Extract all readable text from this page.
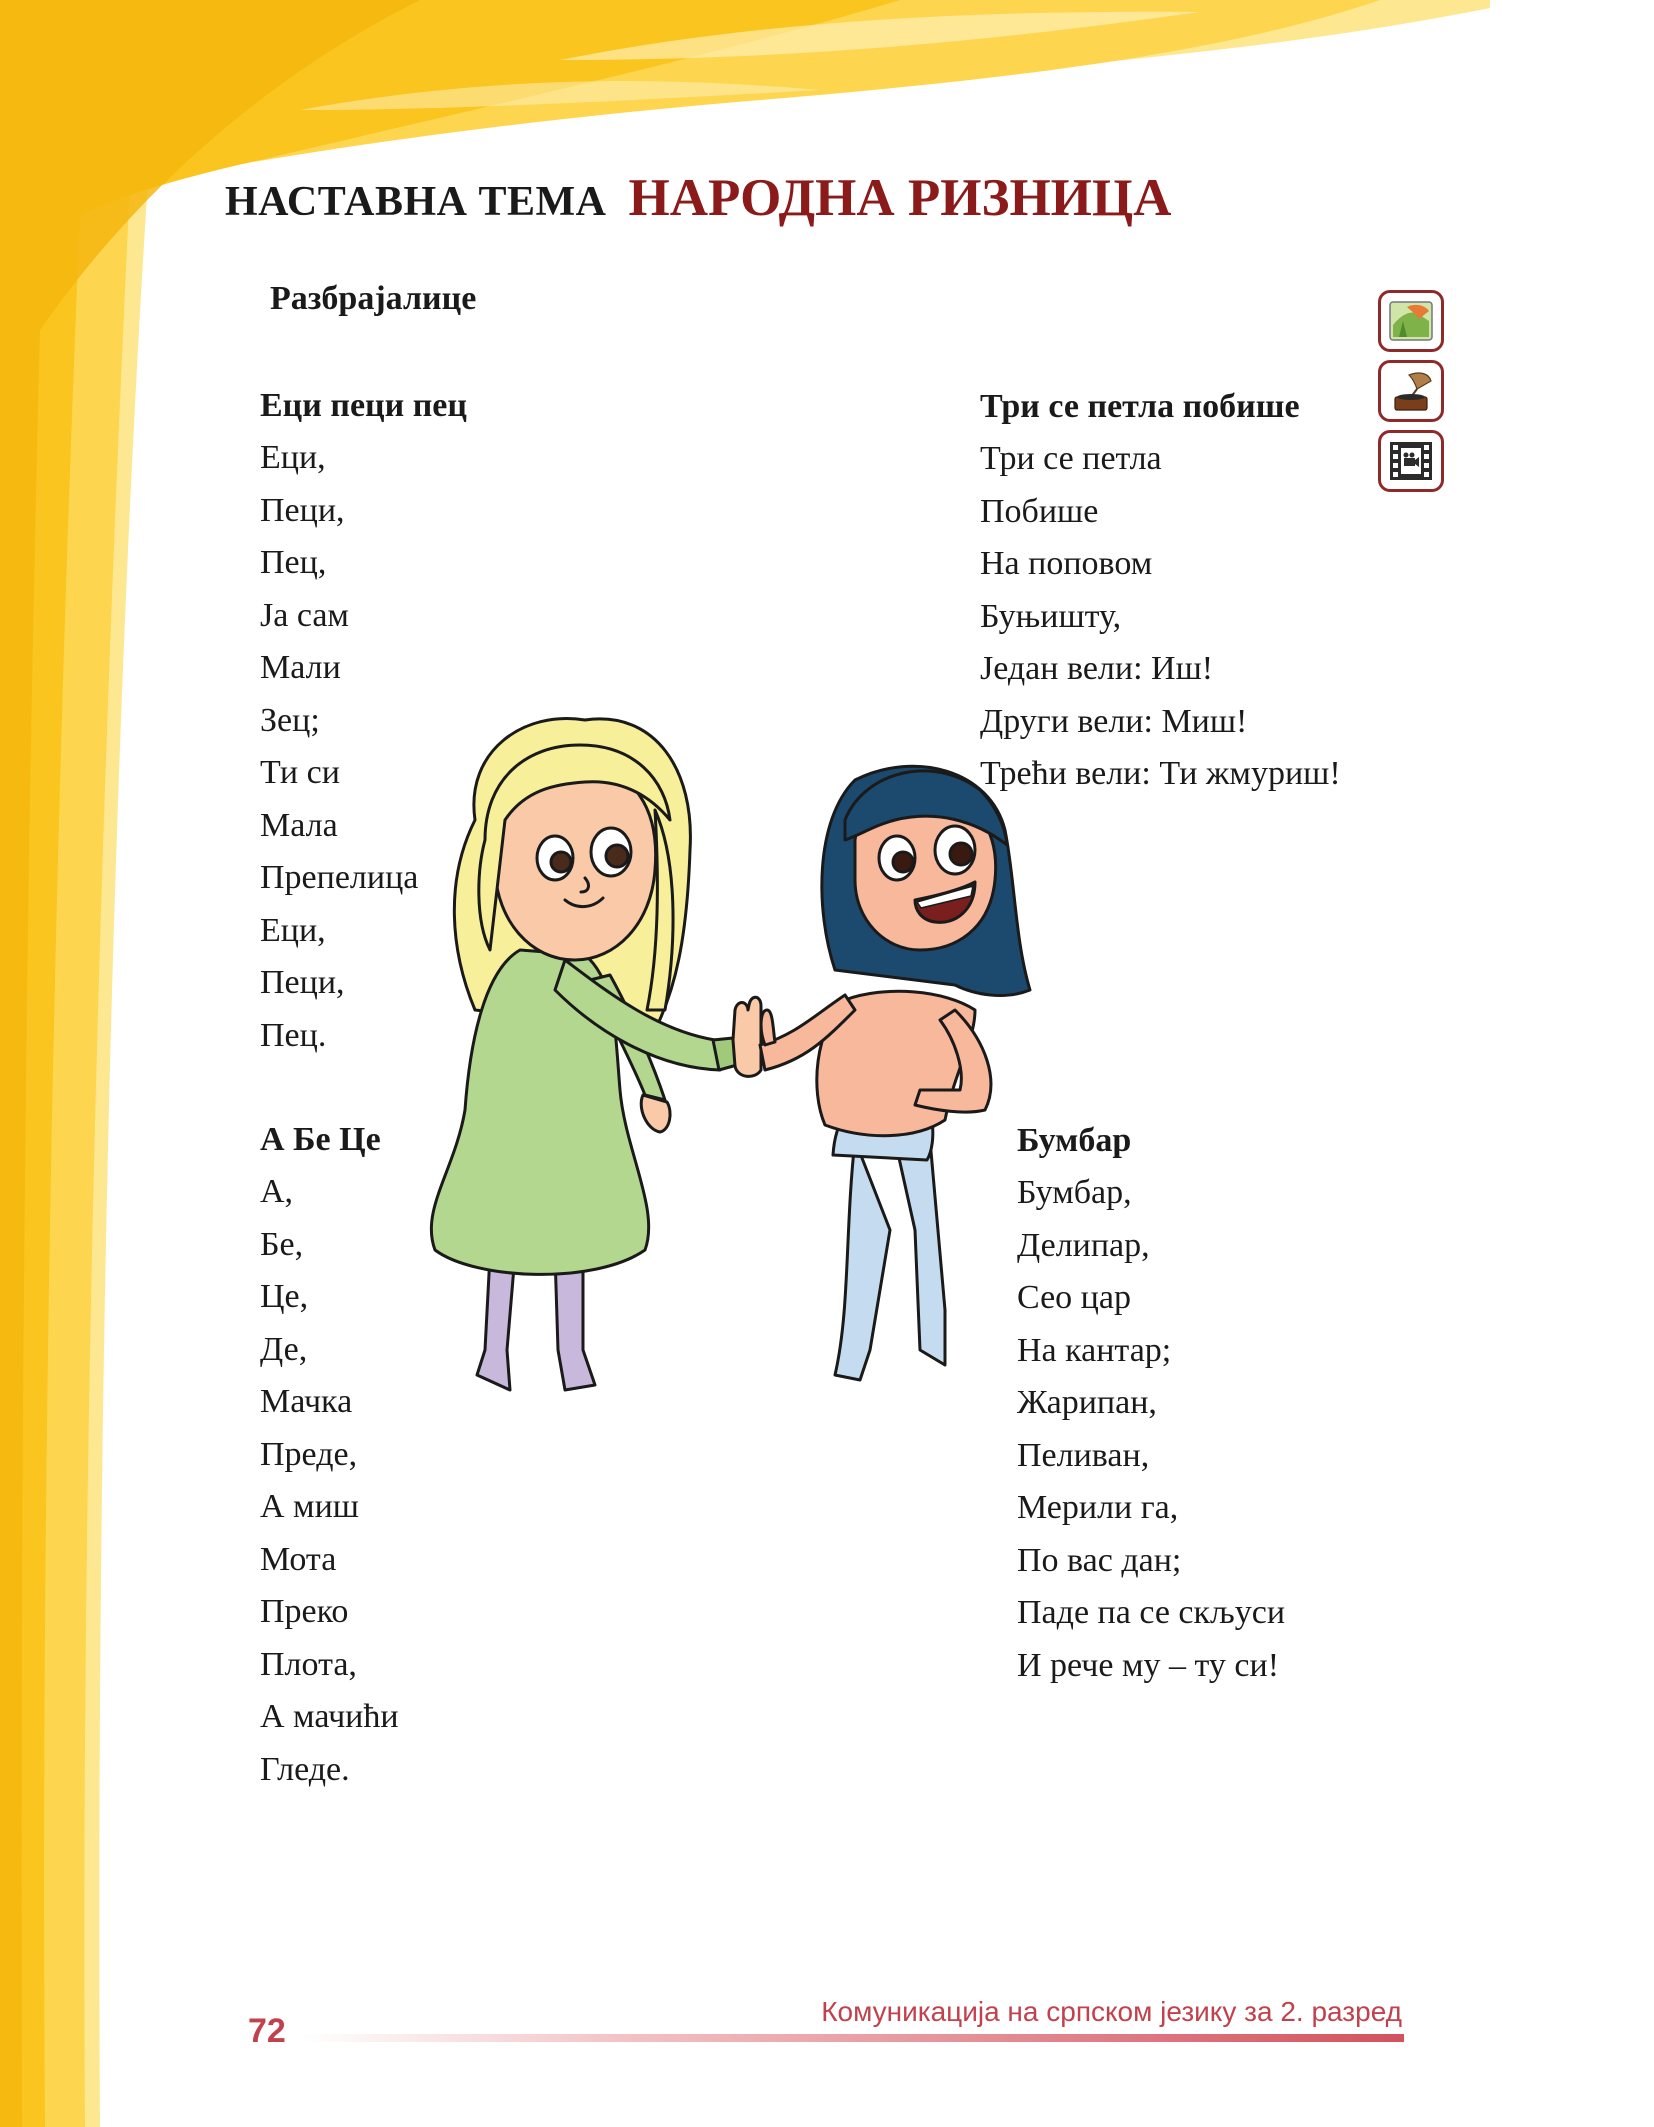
НАСТАВНА ТЕМА НАРОДНА РИЗНИЦА
Разбрајалице
Еци пеци пец
Еци,
Пеци,
Пец,
Ја сам
Мали
Зец;
Ти си
Мала
Препелица
Еци,
Пеци,
Пец.
Три се петла побише
Три се петла
Побише
На поповом
Буњишту,
Један вели: Иш!
Други вели: Миш!
Трећи вели: Ти жмуриш!
А Бе Це
А,
Бе,
Це,
Де,
Мачка
Преде,
А миш
Мота
Преко
Плота,
А мачићи
Гледе.
Бумбар
Бумбар,
Делипар,
Сео цар
На кантар;
Жарипан,
Пеливан,
Мерили га,
По вас дан;
Паде па се скљуси
И рече му – ту си!
72
Комуникација на српском језику за 2. разред
